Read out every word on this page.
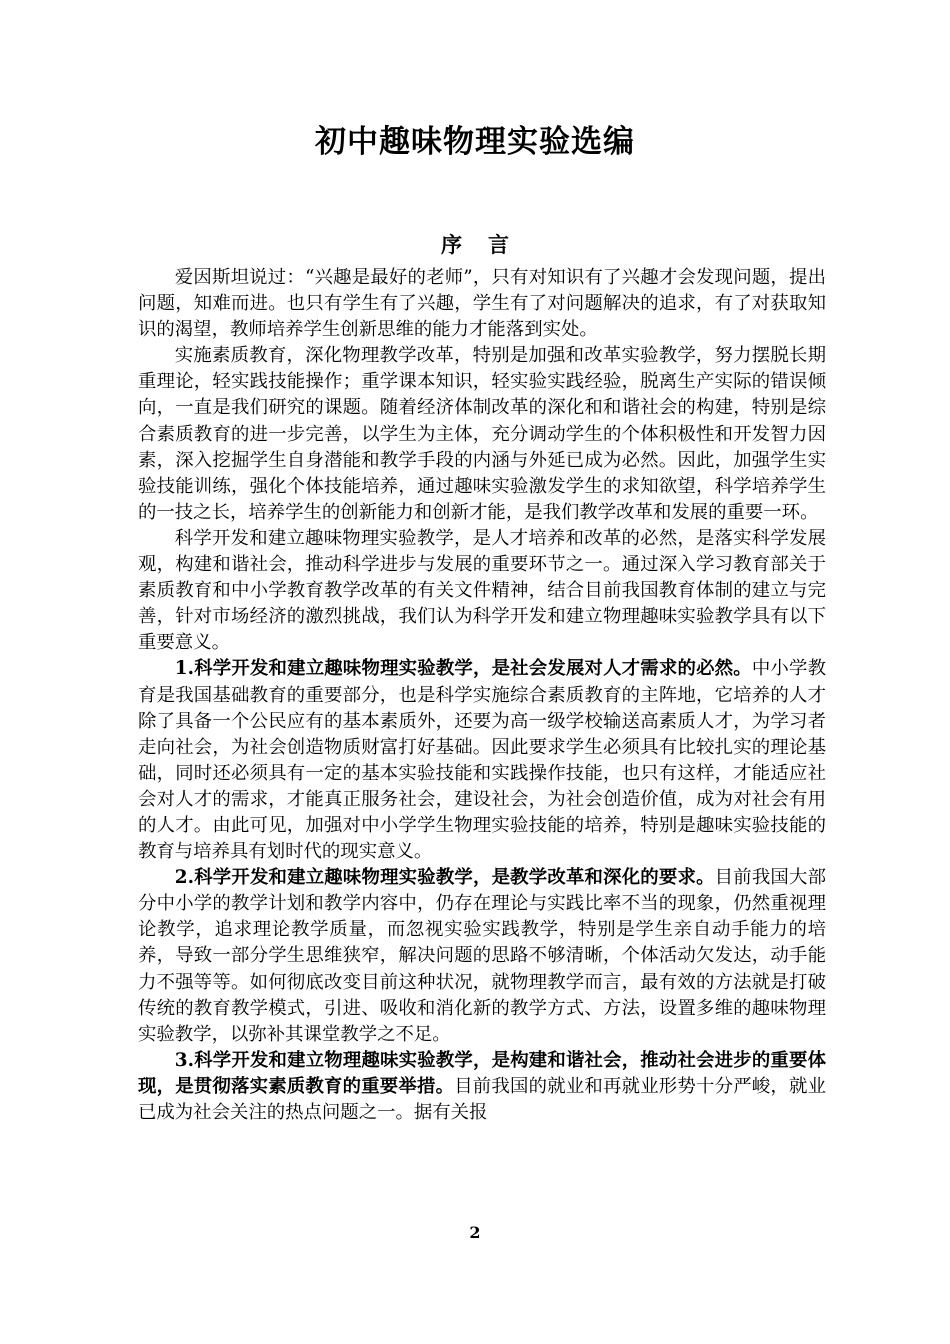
初中趣味物理实验选编
序言

爱因斯坦说过：“兴趣是最好的老师”，只有对知识有了兴趣才会发现问题，提出问题，知难而进。也只有学生有了兴趣，学生有了对问题解决的追求，有了对获取知识的渴望，教师培养学生创新思维的能力才能落到实处。

实施素质教育，深化物理教学改革，特别是加强和改革实验教学，努力摆脱长期重理论，轻实践技能操作；重学课本知识，轻实验实践经验，脱离生产实际的错误倾向，一直是我们研究的课题。随着经济体制改革的深化和和谐社会的构建，特别是综合素质教育的进一步完善，以学生为主体，充分调动学生的个体积极性和开发智力因素，深入挖掘学生自身潜能和教学手段的内涵与外延已成为必然。因此，加强学生实验技能训练，强化个体技能培养，通过趣味实验激发学生的求知欲望，科学培养学生的一技之长，培养学生的创新能力和创新才能，是我们教学改革和发展的重要一环。

科学开发和建立趣味物理实验教学，是人才培养和改革的必然，是落实科学发展观，构建和谐社会，推动科学进步与发展的重要环节之一。通过深入学习教育部关于素质教育和中小学教育教学改革的有关文件精神，结合目前我国教育体制的建立与完善，针对市场经济的激烈挑战，我们认为科学开发和建立物理趣味实验教学具有以下重要意义。

1.科学开发和建立趣味物理实验教学，是社会发展对人才需求的必然。中小学教育是我国基础教育的重要部分，也是科学实施综合素质教育的主阵地，它培养的人才除了具备一个公民应有的基本素质外，还要为高一级学校输送高素质人才，为学习者走向社会，为社会创造物质财富打好基础。因此要求学生必须具有比较扎实的理论基础，同时还必须具有一定的基本实验技能和实践操作技能，也只有这样，才能适应社会对人才的需求，才能真正服务社会，建设社会，为社会创造价值，成为对社会有用的人才。由此可见，加强对中小学学生物理实验技能的培养，特别是趣味实验技能的教育与培养具有划时代的现实意义。

2.科学开发和建立趣味物理实验教学，是教学改革和深化的要求。目前我国大部分中小学的教学计划和教学内容中，仍存在理论与实践比率不当的现象，仍然重视理论教学，追求理论教学质量，而忽视实验实践教学，特别是学生亲自动手能力的培养，导致一部分学生思维狭窄，解决问题的思路不够清晰，个体活动欠发达，动手能力不强等等。如何彻底改变目前这种状况，就物理教学而言，最有效的方法就是打破传统的教育教学模式，引进、吸收和消化新的教学方式、方法，设置多维的趣味物理实验教学，以弥补其课堂教学之不足。

3.科学开发和建立物理趣味实验教学，是构建和谐社会，推动社会进步的重要体现，是贯彻落实素质教育的重要举措。目前我国的就业和再就业形势十分严峻，就业已成为社会关注的热点问题之一。据有关报

2
